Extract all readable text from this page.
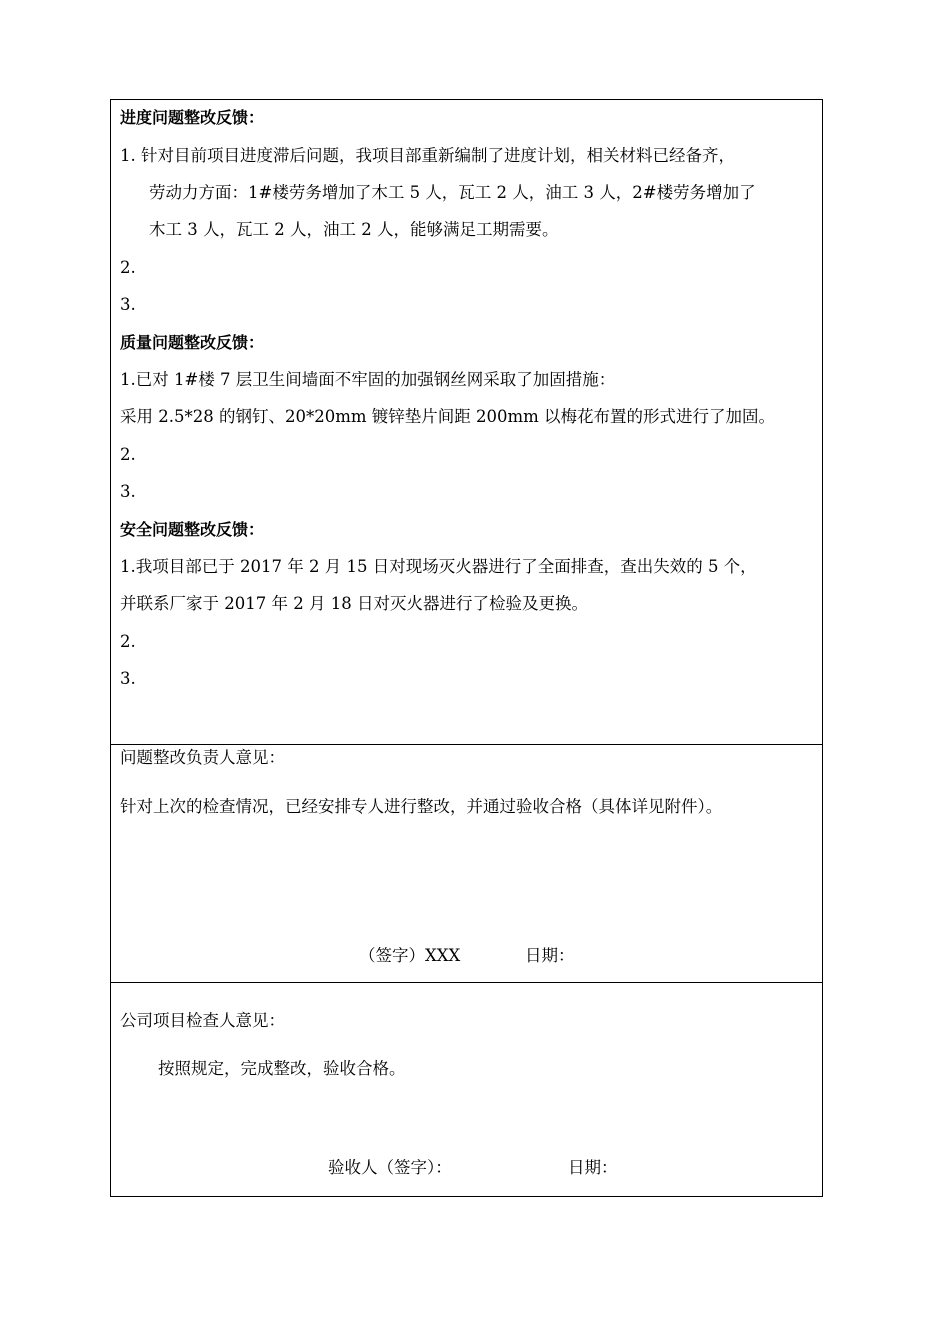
进度问题整改反馈：
1. 针对目前项目进度滞后问题，我项目部重新编制了进度计划，相关材料已经备齐，
劳动力方面：1#楼劳务增加了木工 5 人，瓦工 2 人，油工 3 人，2#楼劳务增加了
木工 3 人，瓦工 2 人，油工 2 人，能够满足工期需要。
2.
3.
质量问题整改反馈：
1.已对 1#楼 7 层卫生间墙面不牢固的加强钢丝网采取了加固措施：
采用 2.5*28 的钢钉、20*20mm 镀锌垫片间距 200mm 以梅花布置的形式进行了加固。
2.
3.
安全问题整改反馈：
1.我项目部已于 2017 年 2 月 15 日对现场灭火器进行了全面排查，查出失效的 5 个，
并联系厂家于 2017 年 2 月 18 日对灭火器进行了检验及更换。
2.
3.
问题整改负责人意见：
针对上次的检查情况，已经安排专人进行整改，并通过验收合格（具体详见附件）。
（签字）XXX	日期：
公司项目检查人意见：
按照规定，完成整改，验收合格。
验收人（签字）：	日期：
